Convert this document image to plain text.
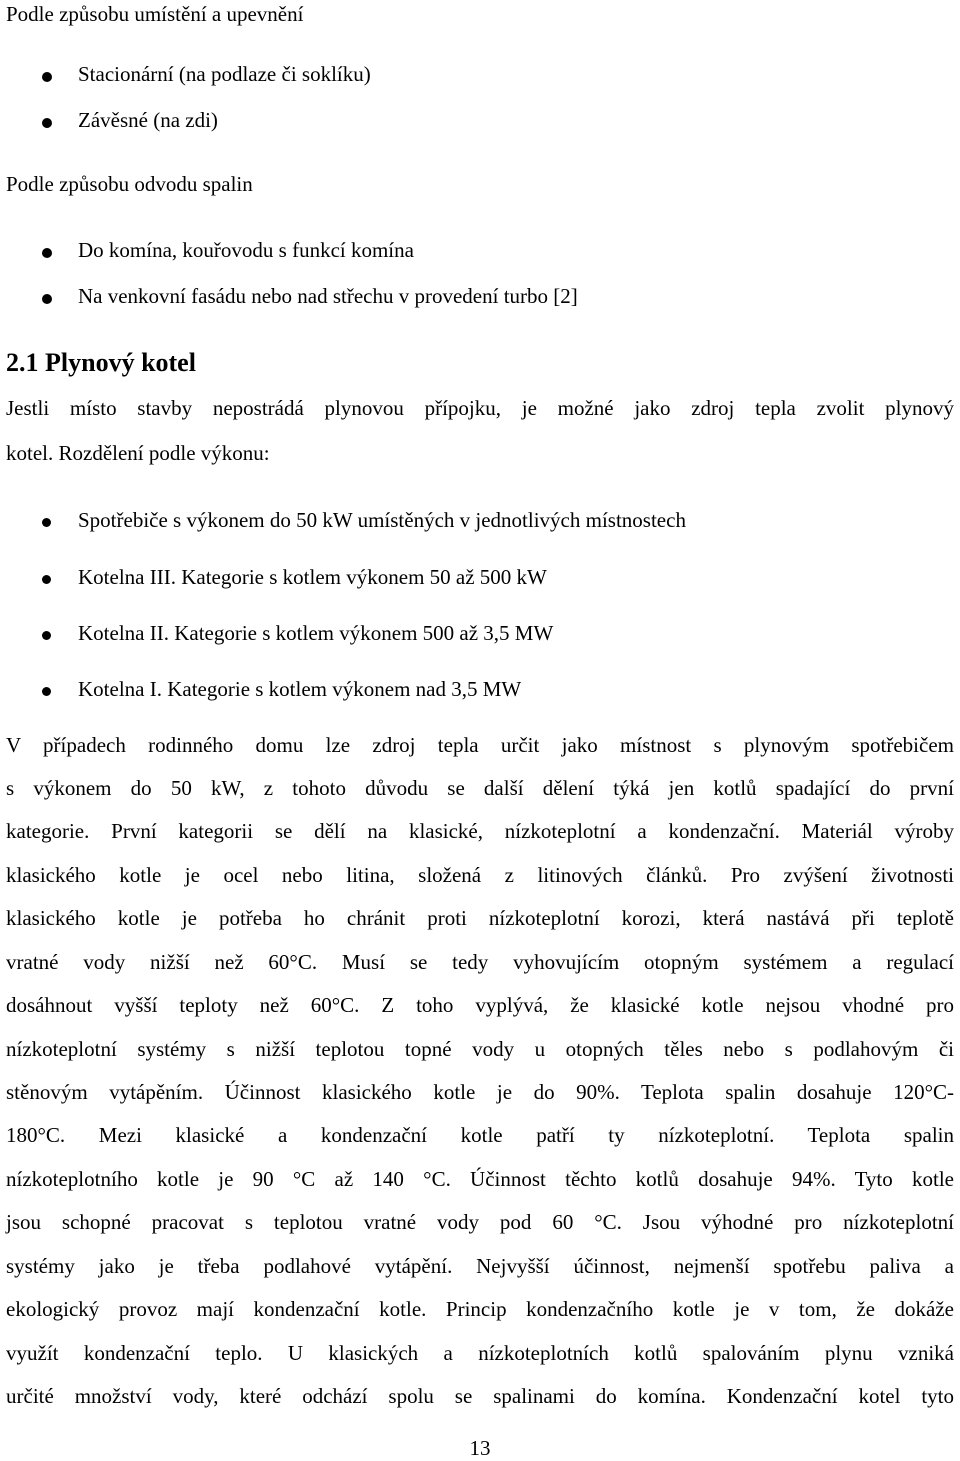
Podle způsobu umístění a upevnění
Stacionární (na podlaze či soklíku)
Závěsné (na zdi)
Podle způsobu odvodu spalin
Do komína, kouřovodu s funkcí komína
Na venkovní fasádu nebo nad střechu v provedení turbo [2]
2.1 Plynový kotel
Jestli místo stavby nepostrádá plynovou přípojku, je možné jako zdroj tepla zvolit plynový
kotel. Rozdělení podle výkonu:
Spotřebiče s výkonem do 50 kW umístěných v jednotlivých místnostech
Kotelna III. Kategorie s kotlem výkonem 50 až 500 kW
Kotelna II. Kategorie s kotlem výkonem 500 až 3,5 MW
Kotelna I. Kategorie s kotlem výkonem nad 3,5 MW
V případech rodinného domu lze zdroj tepla určit jako místnost s plynovým spotřebičem
s výkonem do 50 kW, z tohoto důvodu se další dělení týká jen kotlů spadající do první
kategorie. První kategorii se dělí na klasické, nízkoteplotní a kondenzační. Materiál výroby
klasického kotle je ocel nebo litina, složená z litinových článků. Pro zvýšení životnosti
klasického kotle je potřeba ho chránit proti nízkoteplotní korozi, která nastává při teplotě
vratné vody nižší než 60°C. Musí se tedy vyhovujícím otopným systémem a regulací
dosáhnout vyšší teploty než 60°C. Z toho vyplývá, že klasické kotle nejsou vhodné pro
nízkoteplotní systémy s nižší teplotou topné vody u otopných těles nebo s podlahovým či
stěnovým vytápěním. Účinnost klasického kotle je do 90%. Teplota spalin dosahuje 120°C-
180°C. Mezi klasické a kondenzační kotle patří ty nízkoteplotní. Teplota spalin
nízkoteplotního kotle je 90 °C až 140 °C. Účinnost těchto kotlů dosahuje 94%. Tyto kotle
jsou schopné pracovat s teplotou vratné vody pod 60 °C. Jsou výhodné pro nízkoteplotní
systémy jako je třeba podlahové vytápění. Nejvyšší účinnost, nejmenší spotřebu paliva a
ekologický provoz mají kondenzační kotle. Princip kondenzačního kotle je v tom, že dokáže
využít kondenzační teplo. U klasických a nízkoteplotních kotlů spalováním plynu vzniká
určité množství vody, které odchází spolu se spalinami do komína. Kondenzační kotel tyto
13
